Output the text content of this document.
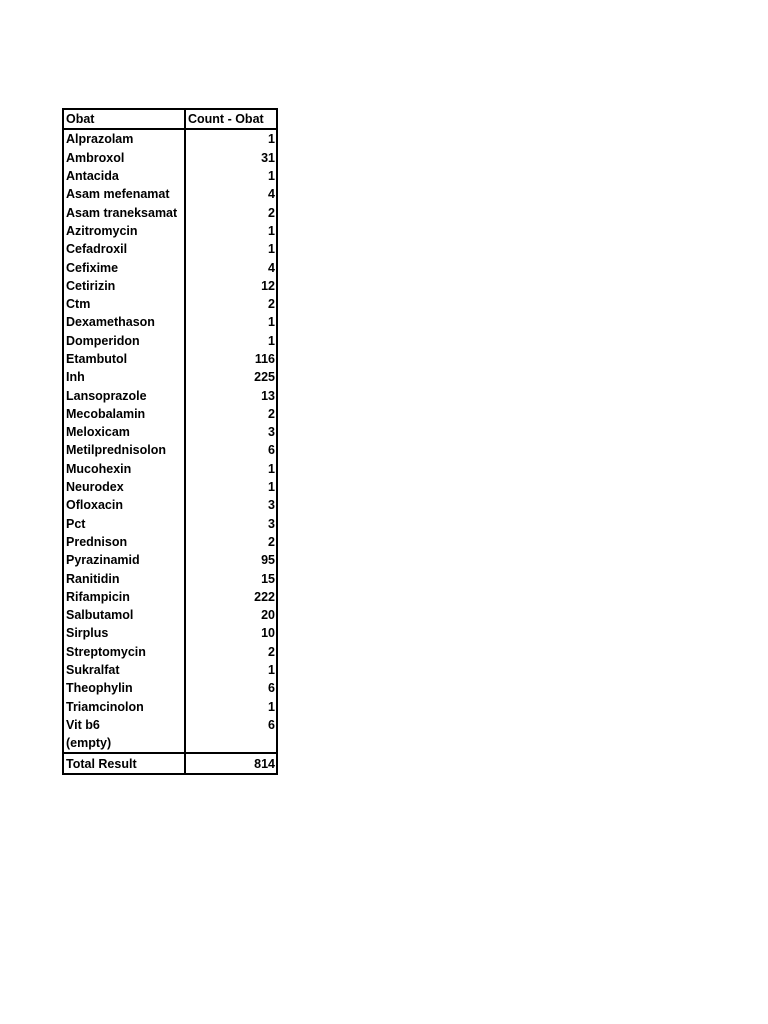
Obat	Count - Obat
Alprazolam	1
Ambroxol	31
Antacida	1
Asam mefenamat	4
Asam traneksamat	2
Azitromycin	1
Cefadroxil	1
Cefixime	4
Cetirizin	12
Ctm	2
Dexamethason	1
Domperidon	1
Etambutol	116
Inh	225
Lansoprazole	13
Mecobalamin	2
Meloxicam	3
Metilprednisolon	6
Mucohexin	1
Neurodex	1
Ofloxacin	3
Pct	3
Prednison	2
Pyrazinamid	95
Ranitidin	15
Rifampicin	222
Salbutamol	20
Sirplus	10
Streptomycin	2
Sukralfat	1
Theophylin	6
Triamcinolon	1
Vit b6	6
(empty)	
Total Result	814
